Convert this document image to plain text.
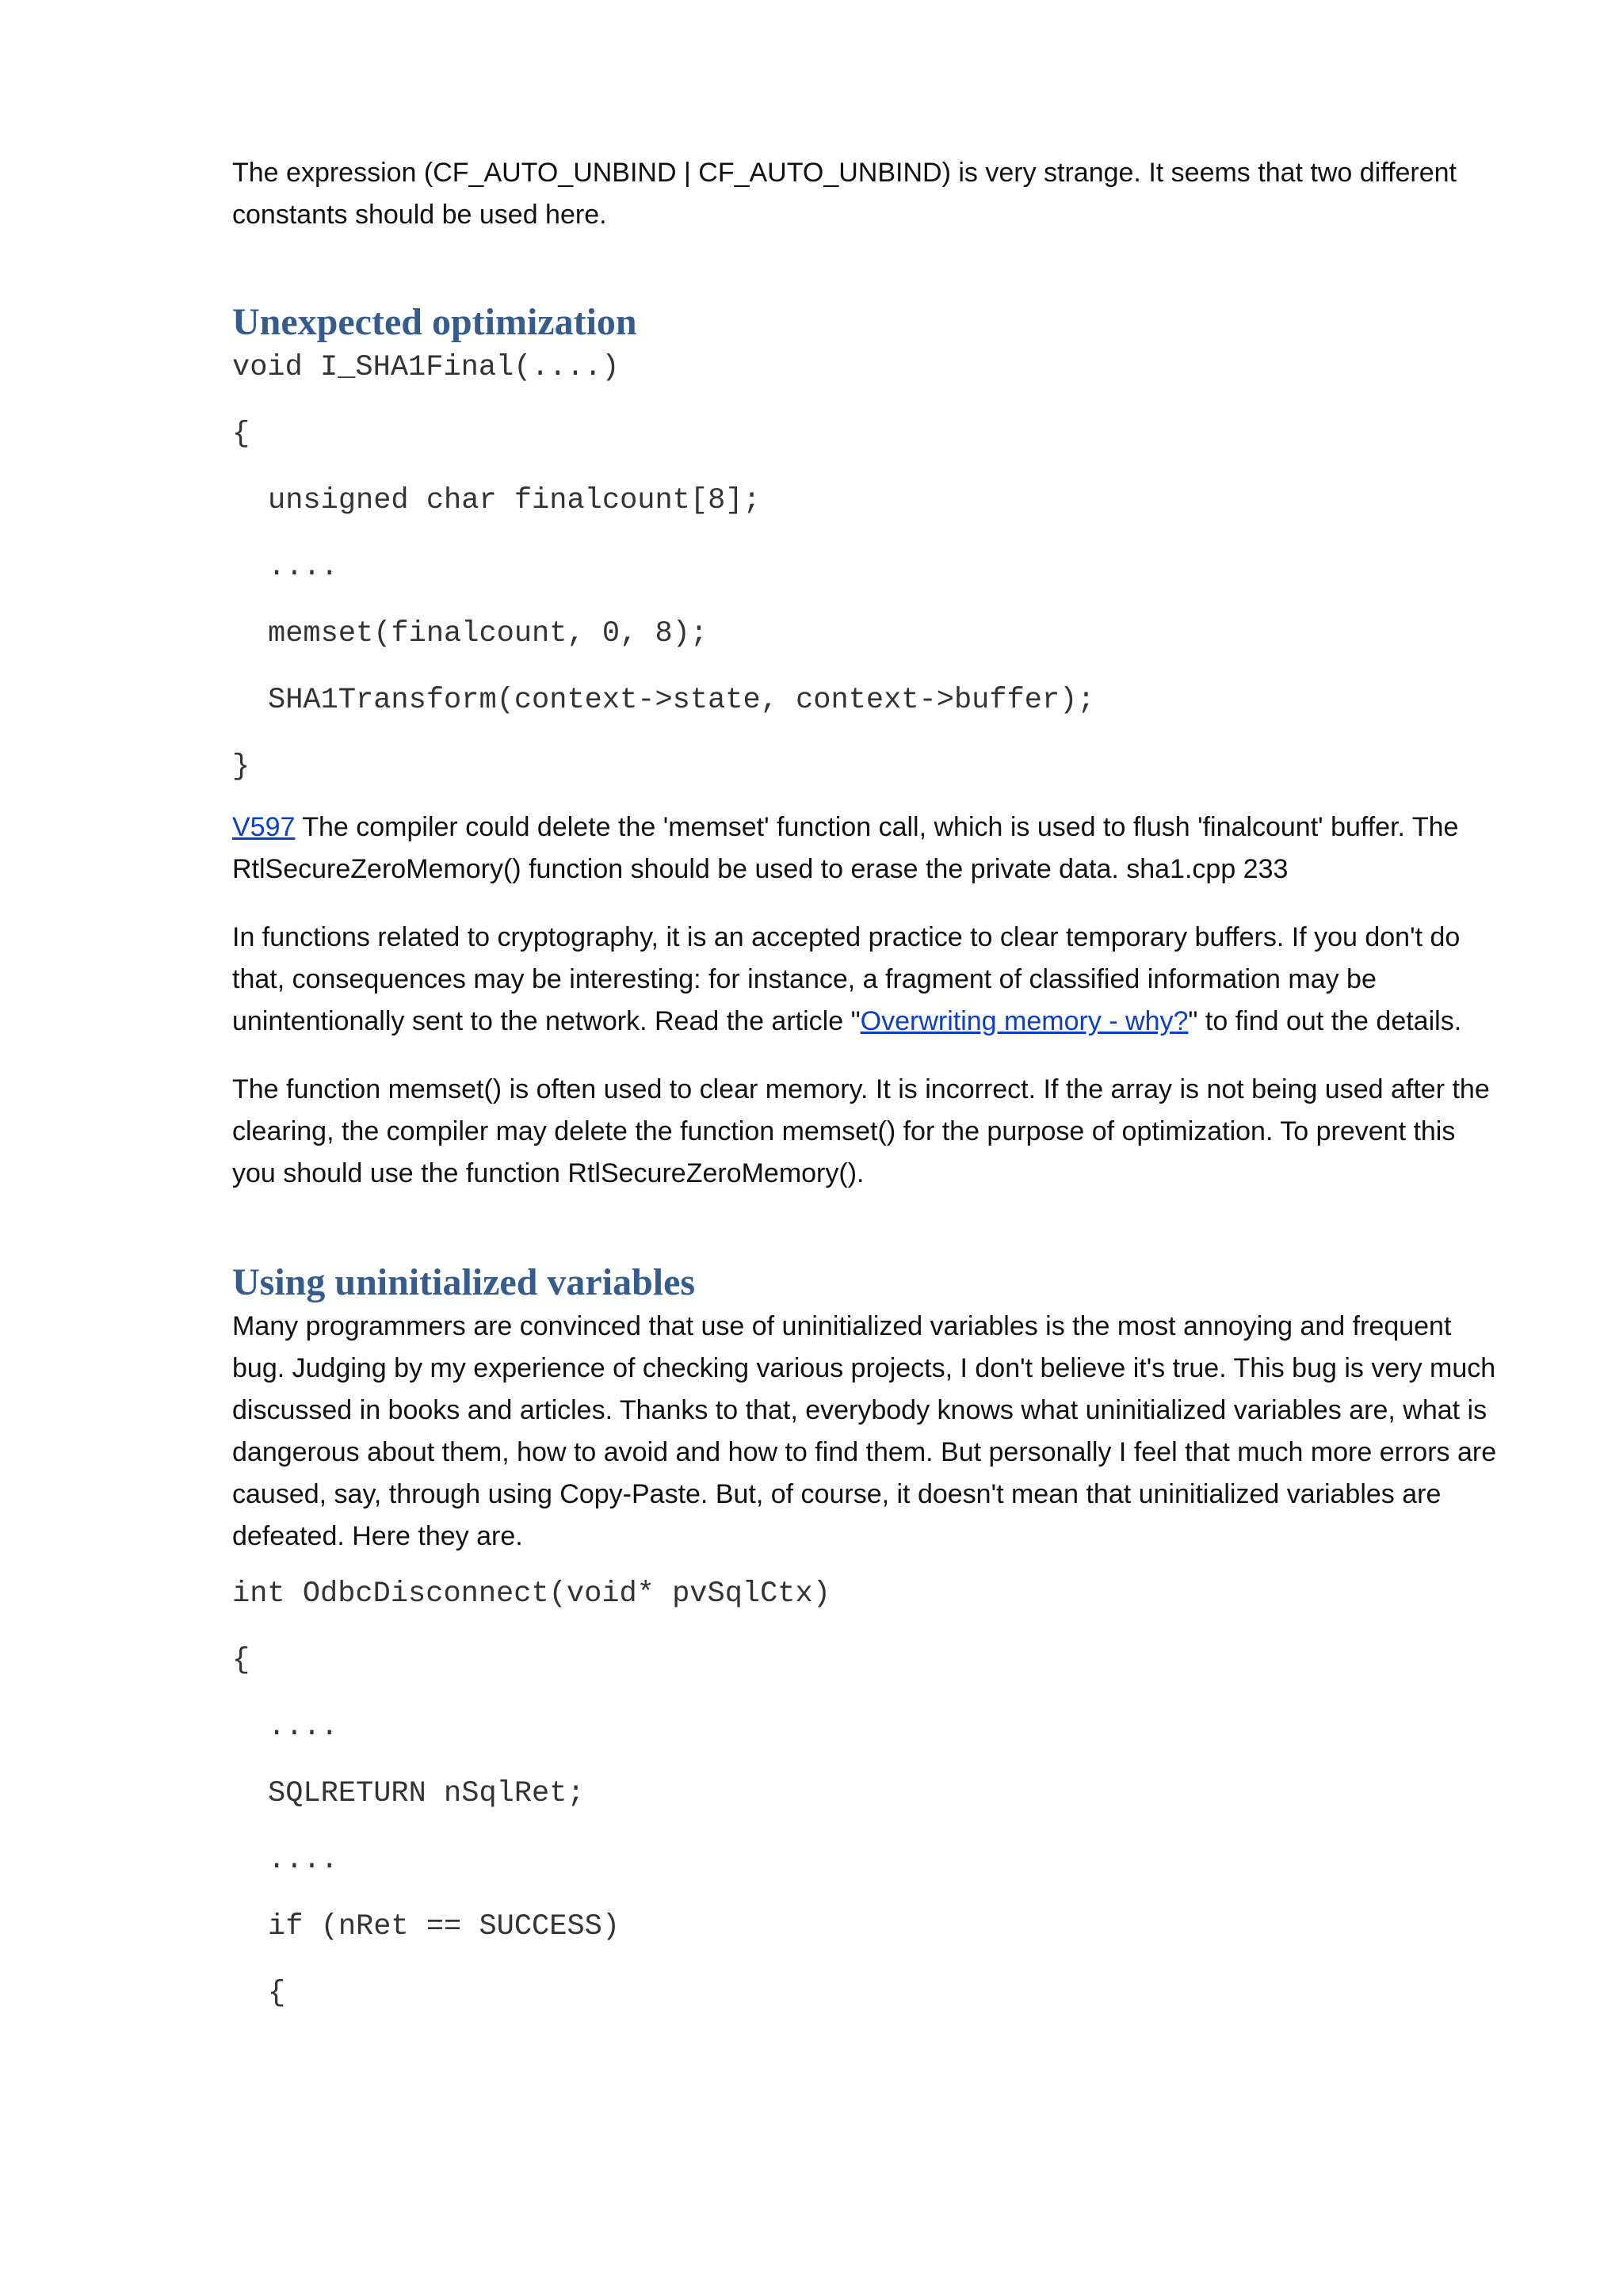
The expression (CF_AUTO_UNBIND | CF_AUTO_UNBIND) is very strange. It seems that two different constants should be used here.

Unexpected optimization
void I_SHA1Final(....)
{
unsigned char finalcount[8];
....
memset(finalcount, 0, 8);
SHA1Transform(context->state, context->buffer);
}

V597 The compiler could delete the 'memset' function call, which is used to flush 'finalcount' buffer. The RtlSecureZeroMemory() function should be used to erase the private data. sha1.cpp 233

In functions related to cryptography, it is an accepted practice to clear temporary buffers. If you don't do that, consequences may be interesting: for instance, a fragment of classified information may be unintentionally sent to the network. Read the article "Overwriting memory - why?" to find out the details.

The function memset() is often used to clear memory. It is incorrect. If the array is not being used after the clearing, the compiler may delete the function memset() for the purpose of optimization. To prevent this you should use the function RtlSecureZeroMemory().

Using uninitialized variables

Many programmers are convinced that use of uninitialized variables is the most annoying and frequent bug. Judging by my experience of checking various projects, I don't believe it's true. This bug is very much discussed in books and articles. Thanks to that, everybody knows what uninitialized variables are, what is dangerous about them, how to avoid and how to find them. But personally I feel that much more errors are caused, say, through using Copy-Paste. But, of course, it doesn't mean that uninitialized variables are defeated. Here they are.

int OdbcDisconnect(void* pvSqlCtx)
{
....
SQLRETURN nSqlRet;
....
if (nRet == SUCCESS)
{
